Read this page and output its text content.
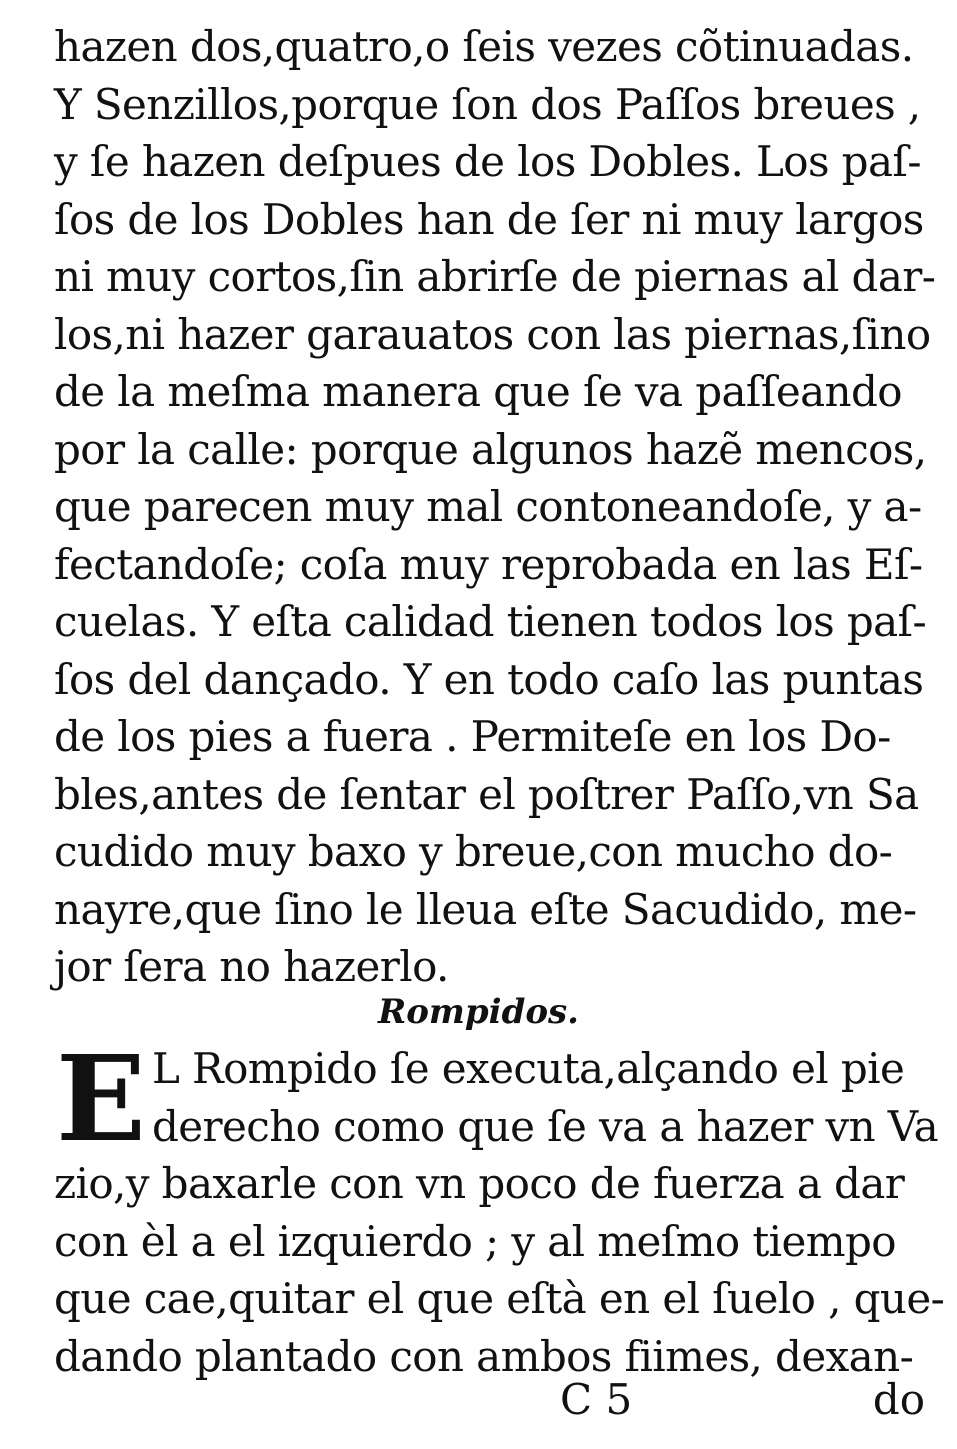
hazen dos,quatro,o ſeis vezes cõtinuadas.
Y Senzillos,porque ſon dos Paſſos breues ,
y ſe hazen deſpues de los Dobles. Los paſ-
ſos de los Dobles han de ſer ni muy largos
ni muy cortos,ſin abrirſe de piernas al dar-
los,ni hazer garauatos con las piernas,ſino
de la meſma manera que ſe va paſſeando
por la calle: porque algunos hazẽ mencos,
que parecen muy mal contoneandoſe, y a-
fectandoſe; coſa muy reprobada en las Eſ-
cuelas. Y eſta calidad tienen todos los paſ-
ſos del dançado. Y en todo caſo las puntas
de los pies a fuera . Permiteſe en los Do-
bles,antes de ſentar el poſtrer Paſſo,vn Sa
cudido muy baxo y breue,con mucho do-
nayre,que ſino le lleua eſte Sacudido, me-
jor ſera no hazerlo.
Rompidos.
E L Rompido ſe executa,alçando el pie
derecho como que ſe va a hazer vn Va
zio,y baxarle con vn poco de fuerza a dar
con èl a el izquierdo ; y al meſmo tiempo
que cae,quitar el que eſtà en el ſuelo , que-
dando plantado con ambos fiimes, dexan-
C 5	do
